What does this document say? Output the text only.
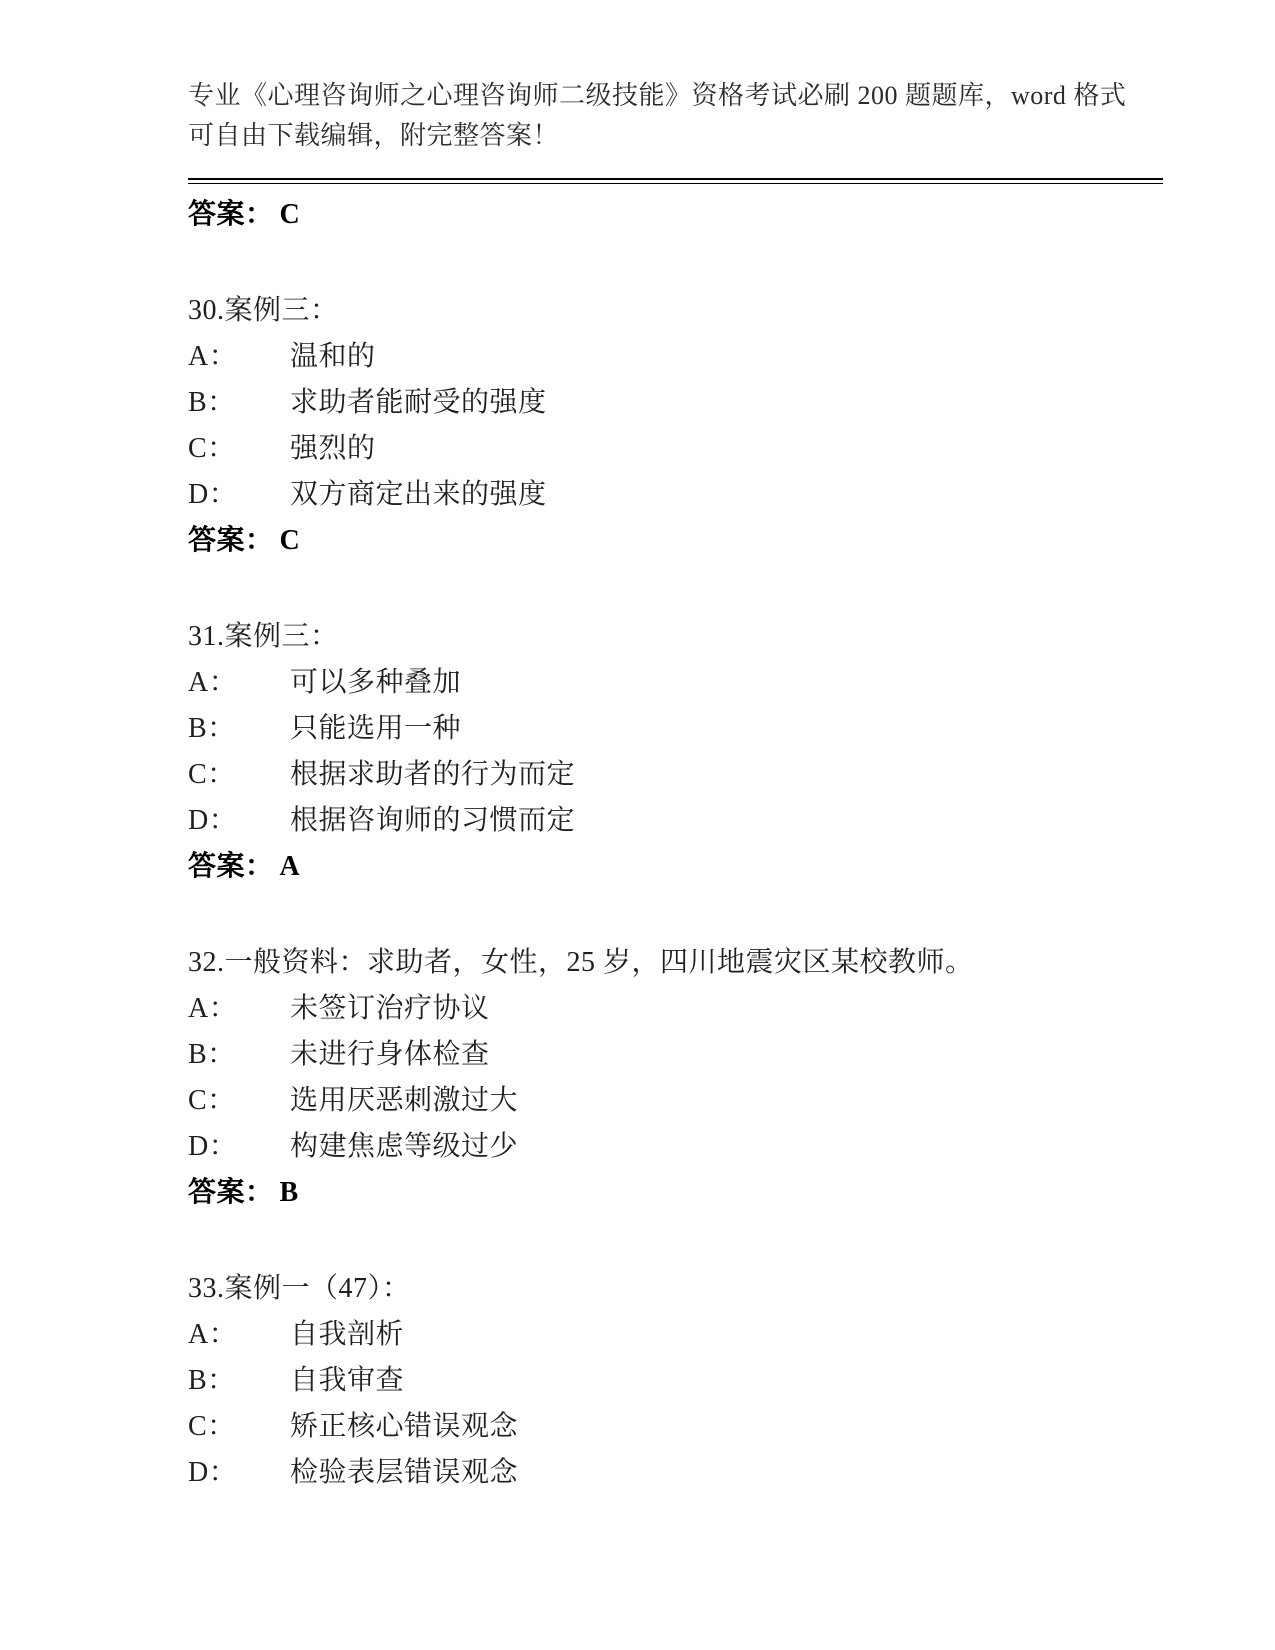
专业《心理咨询师之心理咨询师二级技能》资格考试必刷 200 题题库，word 格式
可自由下载编辑，附完整答案！
答案： C
30.案例三：
A：	温和的
B：	求助者能耐受的强度
C：	强烈的
D：	双方商定出来的强度
答案： C
31.案例三：
A：	可以多种叠加
B：	只能选用一种
C：	根据求助者的行为而定
D：	根据咨询师的习惯而定
答案： A
32.一般资料：求助者，女性，25 岁，四川地震灾区某校教师。
A：	未签订治疗协议
B：	未进行身体检查
C：	选用厌恶刺激过大
D：	构建焦虑等级过少
答案： B
33.案例一（47）：
A：	自我剖析
B：	自我审查
C：	矫正核心错误观念
D：	检验表层错误观念
